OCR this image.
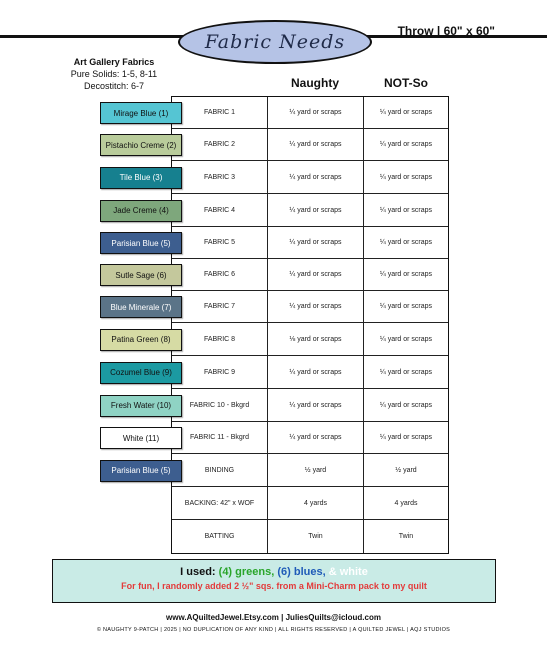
Fabric Needs	Throw | 60" x 60"
Art Gallery Fabrics
Pure Solids: 1-5, 8-11
Decostitch: 6-7	Naughty	NOT-So
FABRIC 1	¼ yard or scraps	¼ yard or scraps
FABRIC 2	¼ yard or scraps	¼ yard or scraps
FABRIC 3	¼ yard or scraps	¼ yard or scraps
FABRIC 4	¼ yard or scraps	¼ yard or scraps
FABRIC 5	¼ yard or scraps	¼ yard or scraps
FABRIC 6	¼ yard or scraps	¼ yard or scraps
FABRIC 7	¼ yard or scraps	¼ yard or scraps
FABRIC 8	⅛ yard or scraps	¼ yard or scraps
FABRIC 9	¼ yard or scraps	¼ yard or scraps
FABRIC 10 - Bkgrd	¼ yard or scraps	¼ yard or scraps
FABRIC 11 - Bkgrd	¼ yard or scraps	¼ yard or scraps
BINDING	½ yard	½ yard
BACKING: 42" x WOF	4 yards	4 yards
BATTING	Twin	Twin
Mirage Blue (1)
Pistachio Creme (2)
Tile Blue (3)
Jade Creme (4)
Parisian Blue (5)
Sutle Sage (6)
Blue Minerale (7)
Patina Green (8)
Cozumel Blue (9)
Fresh Water (10)
White (11)
Parisian Blue (5)
I used: (4) greens, (6) blues, & white
For fun, I randomly added 2 ½" sqs. from a Mini-Charm pack to my quilt
www.AQuiltedJewel.Etsy.com | JuliesQuilts@icloud.com
© NAUGHTY 9-PATCH | 2025 | NO DUPLICATION OF ANY KIND | ALL RIGHTS RESERVED | A QUILTED JEWEL | AQJ STUDIOS
